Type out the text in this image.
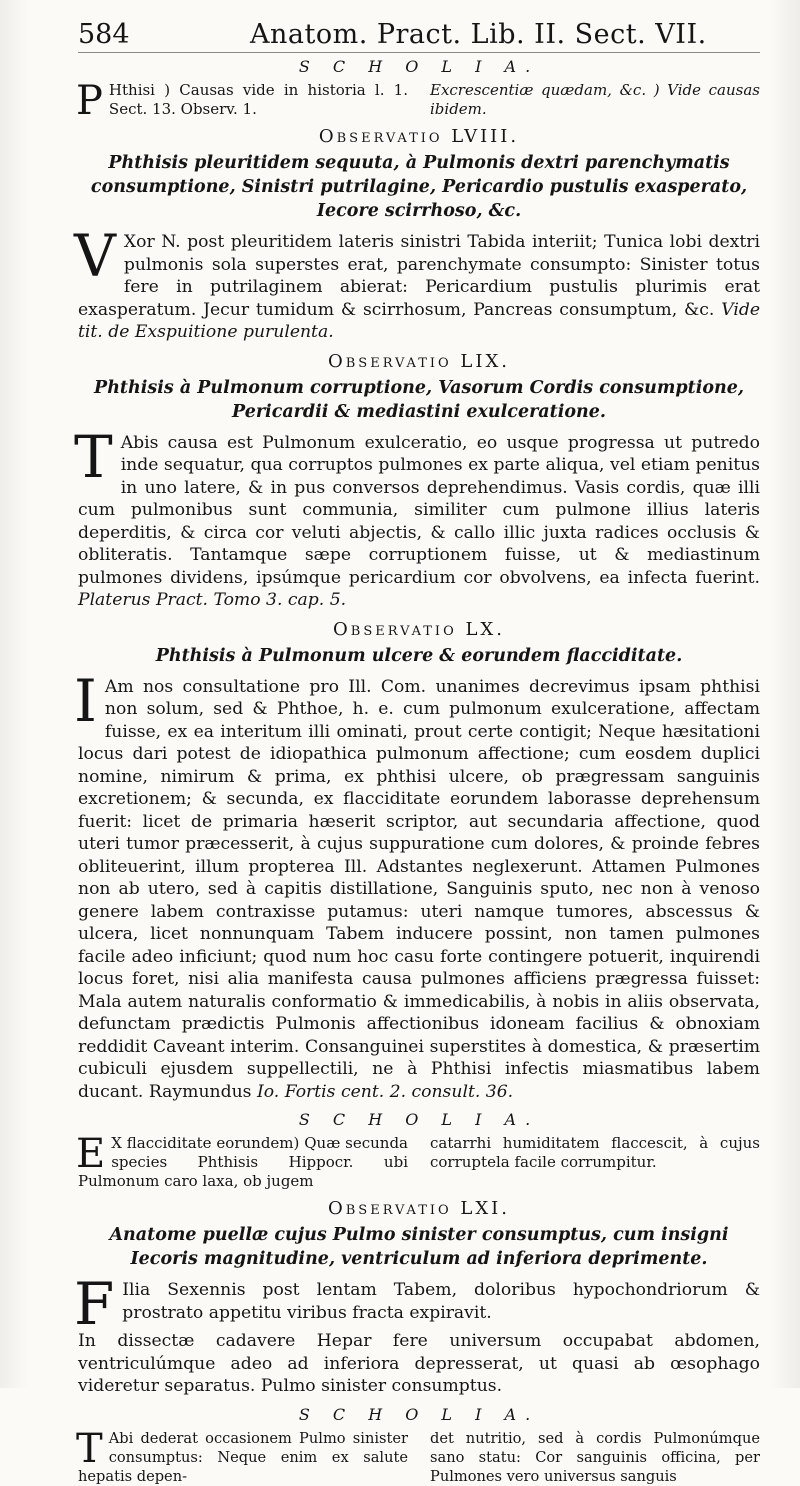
584	Anatom. Pract. Lib. II. Sect. VII.
S C H O L I A.
P Hthisi ) Causas vide in historia l. 1. Sect. 13. Observ. 1.
Excrescentiæ quædam, &c. ) Vide causas ibidem.
Observatio LVIII.
Phthisis pleuritidem sequuta, à Pulmonis dextri parenchymatis consumptione, Sinistri putrilagine, Pericardio pustulis exasperato, Iecore scirrhoso, &c.
V Xor N. post pleuritidem lateris sinistri Tabida interiit; Tunica lobi dextri pulmonis sola superstes erat, parenchymate consumpto: Sinister totus fere in putrilaginem abierat: Pericardium pustulis plurimis erat exasperatum. Jecur tumidum & scirrhosum, Pancreas consumptum, &c. Vide tit. de Exspuitione purulenta.
Observatio LIX.
Phthisis à Pulmonum corruptione, Vasorum Cordis consumptione, Pericardii & mediastini exulceratione.
T Abis causa est Pulmonum exulceratio, eo usque progressa ut putredo inde sequatur, qua corruptos pulmones ex parte aliqua, vel etiam penitus in uno latere, & in pus conversos deprehendimus. Vasis cordis, quæ illi cum pulmonibus sunt communia, similiter cum pulmone illius lateris deperditis, & circa cor veluti abjectis, & callo illic juxta radices occlusis & obliteratis. Tantamque sæpe corruptionem fuisse, ut & mediastinum pulmones dividens, ipsúmque pericardium cor obvolvens, ea infecta fuerint. Platerus Pract. Tomo 3. cap. 5.
Observatio LX.
Phthisis à Pulmonum ulcere & eorundem flacciditate.
I Am nos consultatione pro Ill. Com. unanimes decrevimus ipsam phthisi non solum, sed & Phthoe, h. e. cum pulmonum exulceratione, affectam fuisse, ex ea interitum illi ominati, prout certe contigit; Neque hæsitationi locus dari potest de idiopathica pulmonum affectione; cum eosdem duplici nomine, nimirum & prima, ex phthisi ulcere, ob prægressam sanguinis excretionem; & secunda, ex flacciditate eorundem laborasse deprehensum fuerit: licet de primaria hæserit scriptor, aut secundaria affectione, quod uteri tumor præcesserit, à cujus suppuratione cum dolores, & proinde febres obliteuerint, illum propterea Ill. Adstantes neglexerunt. Attamen Pulmones non ab utero, sed à capitis distillatione, Sanguinis sputo, nec non à venoso genere labem contraxisse putamus: uteri namque tumores, abscessus & ulcera, licet nonnunquam Tabem inducere possint, non tamen pulmones facile adeo inficiunt; quod num hoc casu forte contingere potuerit, inquirendi locus foret, nisi alia manifesta causa pulmones afficiens prægressa fuisset: Mala autem naturalis conformatio & immedicabilis, à nobis in aliis observata, defunctam prædictis Pulmonis affectionibus idoneam facilius & obnoxiam reddidit Caveant interim. Consanguinei superstites à domestica, & præsertim cubiculi ejusdem suppellectili, ne à Phthisi infectis miasmatibus labem ducant. Raymundus Io. Fortis cent. 2. consult. 36.
S C H O L I A.
E X flacciditate eorundem) Quæ secunda species Phthisis Hippocr. ubi Pulmonum caro laxa, ob jugem
catarrhi humiditatem flaccescit, à cujus corruptela facile corrumpitur.
Observatio LXI.
Anatome puellæ cujus Pulmo sinister consumptus, cum insigni Iecoris magnitudine, ventriculum ad inferiora deprimente.
F Ilia Sexennis post lentam Tabem, doloribus hypochondriorum & prostrato appetitu viribus fracta expiravit.
In dissectæ cadavere Hepar fere universum occupabat abdomen, ventriculúmque adeo ad inferiora depresserat, ut quasi ab œsophago videretur separatus. Pulmo sinister consumptus.
S C H O L I A.
T Abi dederat occasionem Pulmo sinister consumptus: Neque enim ex salute hepatis depen-
det nutritio, sed à cordis Pulmonúmque sano statu: Cor sanguinis officina, per Pulmones vero universus sanguis
